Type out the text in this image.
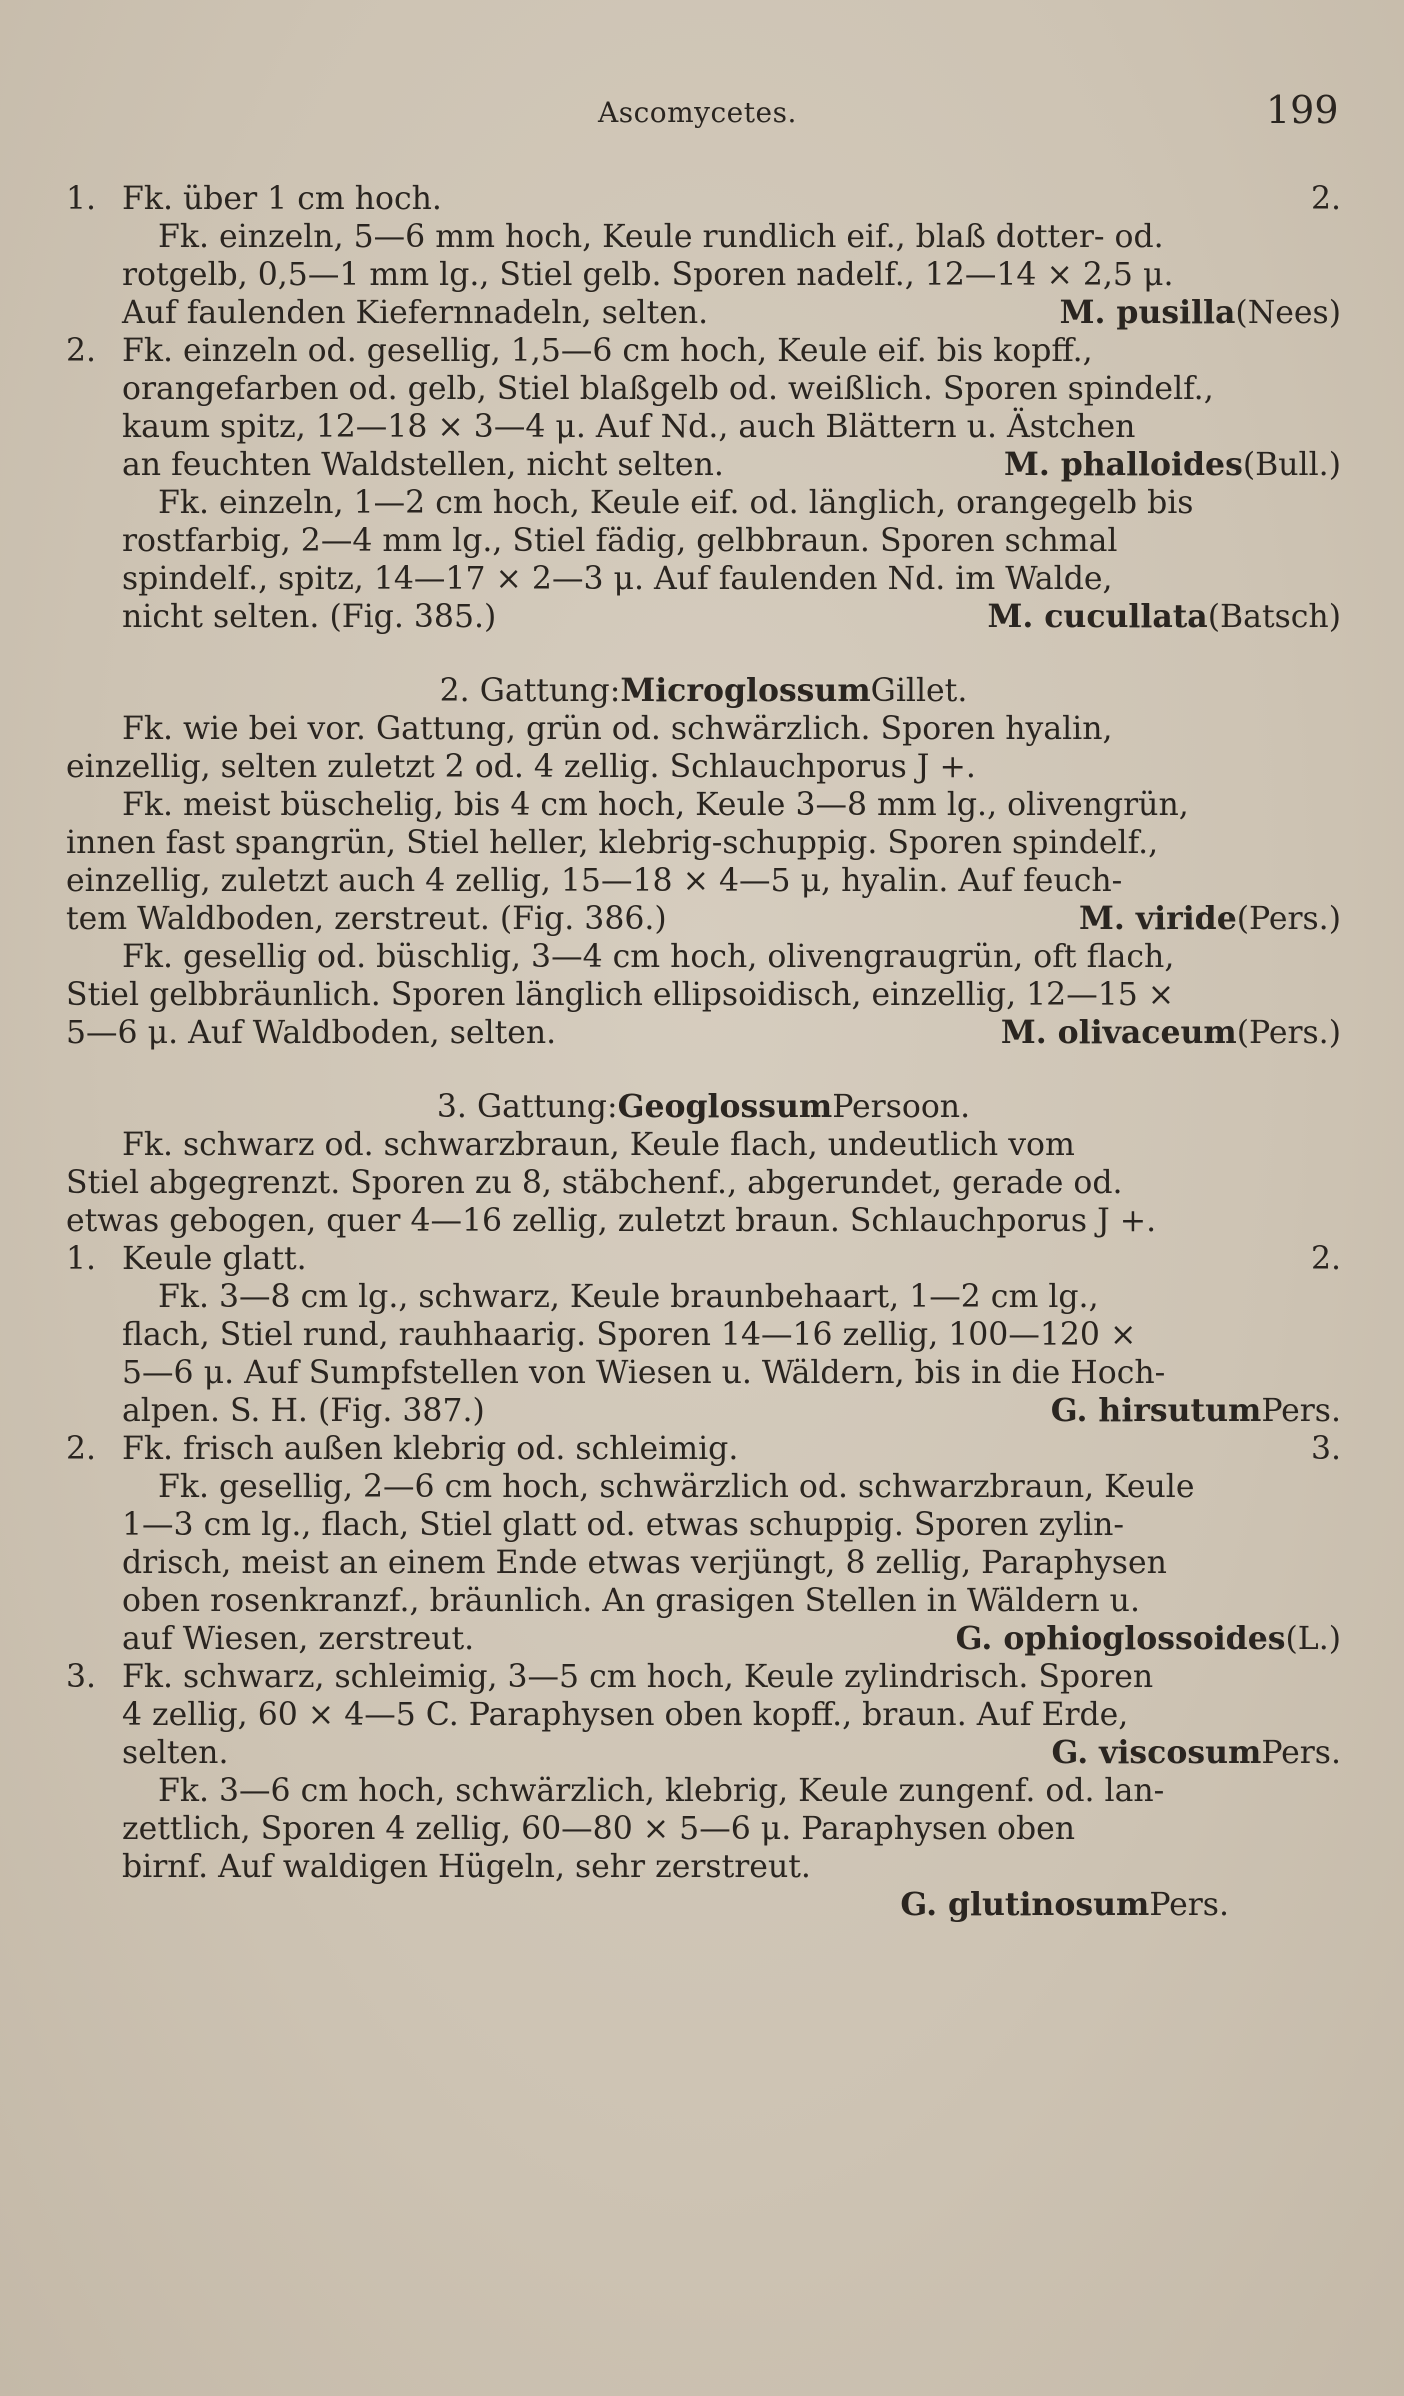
Ascomycetes.	199
1. Fk. über 1 cm hoch.	2.
Fk. einzeln, 5—6 mm hoch, Keule rundlich eif., blaß dotter- od.
rotgelb, 0,5—1 mm lg., Stiel gelb. Sporen nadelf., 12—14 × 2,5 μ.
Auf faulenden Kiefernnadeln, selten.	M. pusilla(Nees)
2. Fk. einzeln od. gesellig, 1,5—6 cm hoch, Keule eif. bis kopff.,
orangefarben od. gelb, Stiel blaßgelb od. weißlich. Sporen spindelf.,
kaum spitz, 12—18 × 3—4 μ. Auf Nd., auch Blättern u. Ästchen
an feuchten Waldstellen, nicht selten.	M. phalloides(Bull.)
Fk. einzeln, 1—2 cm hoch, Keule eif. od. länglich, orangegelb bis
rostfarbig, 2—4 mm lg., Stiel fädig, gelbbraun. Sporen schmal
spindelf., spitz, 14—17 × 2—3 μ. Auf faulenden Nd. im Walde,
nicht selten. (Fig. 385.)	M. cucullata(Batsch)
2. Gattung:MicroglossumGillet.
Fk. wie bei vor. Gattung, grün od. schwärzlich. Sporen hyalin,
einzellig, selten zuletzt 2 od. 4 zellig. Schlauchporus J +.
Fk. meist büschelig, bis 4 cm hoch, Keule 3—8 mm lg., olivengrün,
innen fast spangrün, Stiel heller, klebrig-schuppig. Sporen spindelf.,
einzellig, zuletzt auch 4 zellig, 15—18 × 4—5 μ, hyalin. Auf feuch-
tem Waldboden, zerstreut. (Fig. 386.)	M. viride(Pers.)
Fk. gesellig od. büschlig, 3—4 cm hoch, olivengraugrün, oft flach,
Stiel gelbbräunlich. Sporen länglich ellipsoidisch, einzellig, 12—15 ×
5—6 μ. Auf Waldboden, selten.	M. olivaceum(Pers.)
3. Gattung:GeoglossumPersoon.
Fk. schwarz od. schwarzbraun, Keule flach, undeutlich vom
Stiel abgegrenzt. Sporen zu 8, stäbchenf., abgerundet, gerade od.
etwas gebogen, quer 4—16 zellig, zuletzt braun. Schlauchporus J +.
1. Keule glatt.	2.
Fk. 3—8 cm lg., schwarz, Keule braunbehaart, 1—2 cm lg.,
flach, Stiel rund, rauhhaarig. Sporen 14—16 zellig, 100—120 ×
5—6 μ. Auf Sumpfstellen von Wiesen u. Wäldern, bis in die Hoch-
alpen. S. H. (Fig. 387.)	G. hirsutumPers.
2. Fk. frisch außen klebrig od. schleimig.	3.
Fk. gesellig, 2—6 cm hoch, schwärzlich od. schwarzbraun, Keule
1—3 cm lg., flach, Stiel glatt od. etwas schuppig. Sporen zylin-
drisch, meist an einem Ende etwas verjüngt, 8 zellig, Paraphysen
oben rosenkranzf., bräunlich. An grasigen Stellen in Wäldern u.
auf Wiesen, zerstreut.	G. ophioglossoides(L.)
3. Fk. schwarz, schleimig, 3—5 cm hoch, Keule zylindrisch. Sporen
4 zellig, 60 × 4—5 C. Paraphysen oben kopff., braun. Auf Erde,
selten.	G. viscosumPers.
Fk. 3—6 cm hoch, schwärzlich, klebrig, Keule zungenf. od. lan-
zettlich, Sporen 4 zellig, 60—80 × 5—6 μ. Paraphysen oben
birnf. Auf waldigen Hügeln, sehr zerstreut.
G. glutinosumPers.
